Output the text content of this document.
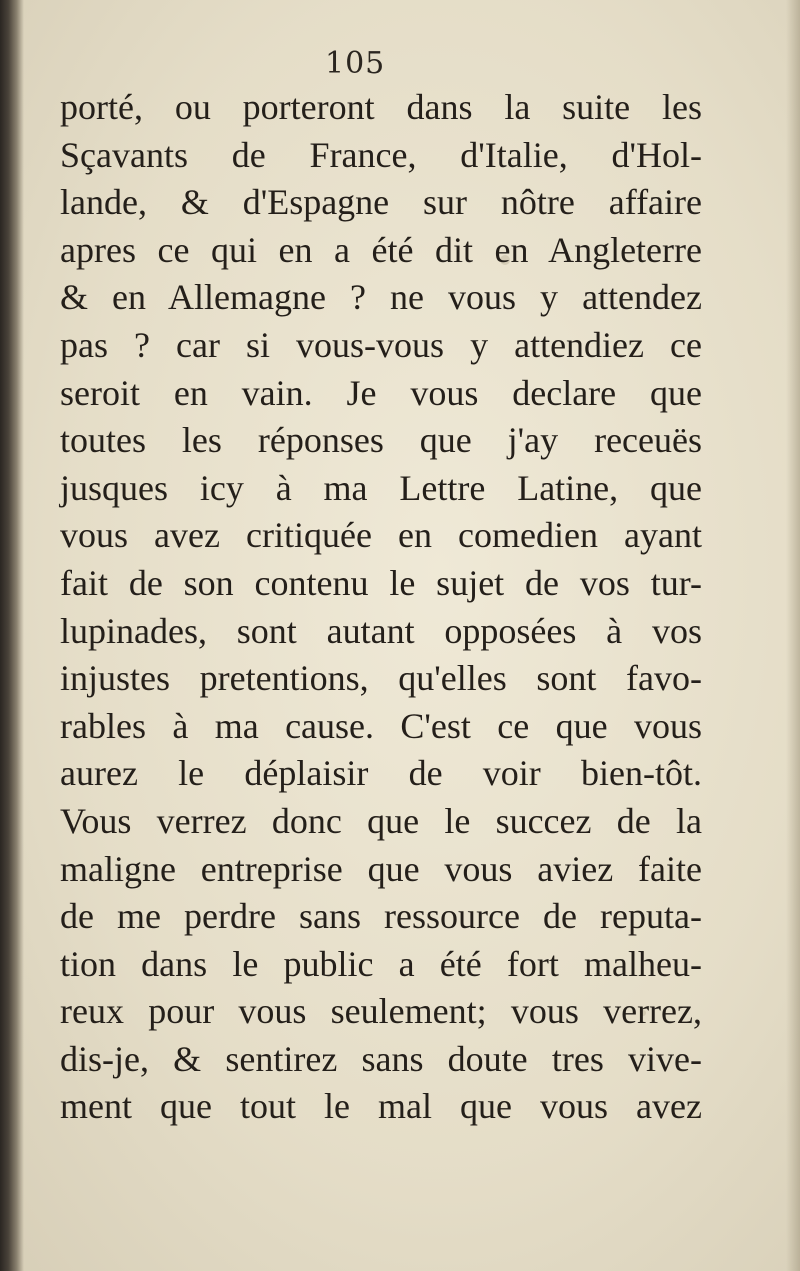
105
porté, ou porteront dans la suite les
Sçavants de France, d'Italie, d'Hol-
lande, & d'Espagne sur nôtre affaire
apres ce qui en a été dit en Angleterre
& en Allemagne ? ne vous y attendez
pas ? car si vous-vous y attendiez ce
seroit en vain. Je vous declare que
toutes les réponses que j'ay receuës
jusques icy à ma Lettre Latine, que
vous avez critiquée en comedien ayant
fait de son contenu le sujet de vos tur-
lupinades, sont autant opposées à vos
injustes pretentions, qu'elles sont favo-
rables à ma cause. C'est ce que vous
aurez le déplaisir de voir bien-tôt.
Vous verrez donc que le succez de la
maligne entreprise que vous aviez faite
de me perdre sans ressource de reputa-
tion dans le public a été fort malheu-
reux pour vous seulement; vous verrez,
dis-je, & sentirez sans doute tres vive-
ment que tout le mal que vous avez
